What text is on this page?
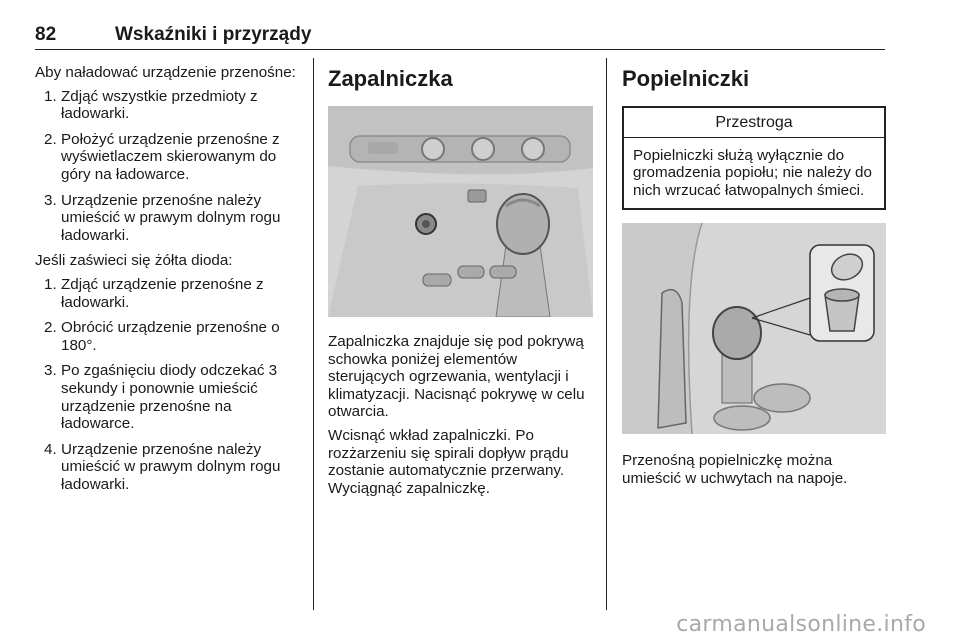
82	Wskaźniki i przyrządy

Aby naładować urządzenie przenośne:

1. Zdjąć wszystkie przedmioty z ładowarki.
2. Położyć urządzenie przenośne z wyświetlaczem skierowanym do góry na ładowarce.
3. Urządzenie przenośne należy umieścić w prawym dolnym rogu ładowarki.

Jeśli zaświeci się żółta dioda:

1. Zdjąć urządzenie przenośne z ładowarki.
2. Obrócić urządzenie przenośne o 180°.
3. Po zgaśnięciu diody odczekać 3 sekundy i ponownie umieścić urządzenie przenośne na ładowarce.
4. Urządzenie przenośne należy umieścić w prawym dolnym rogu ładowarki.
Zapalniczka

Zapalniczka znajduje się pod pokrywą schowka poniżej elementów sterujących ogrzewania, wentylacji i klimatyzacji. Nacisnąć pokrywę w celu otwarcia.

Wcisnąć wkład zapalniczki. Po rozżarzeniu się spirali dopływ prądu zostanie automatycznie przerwany. Wyciągnąć zapalniczkę.

Popielniczki
Przestroga
Popielniczki służą wyłącznie do gromadzenia popiołu; nie należy do nich wrzucać łatwopalnych śmieci.

Przenośną popielniczkę można umieścić w uchwytach na napoje.

carmanualsonline.info
